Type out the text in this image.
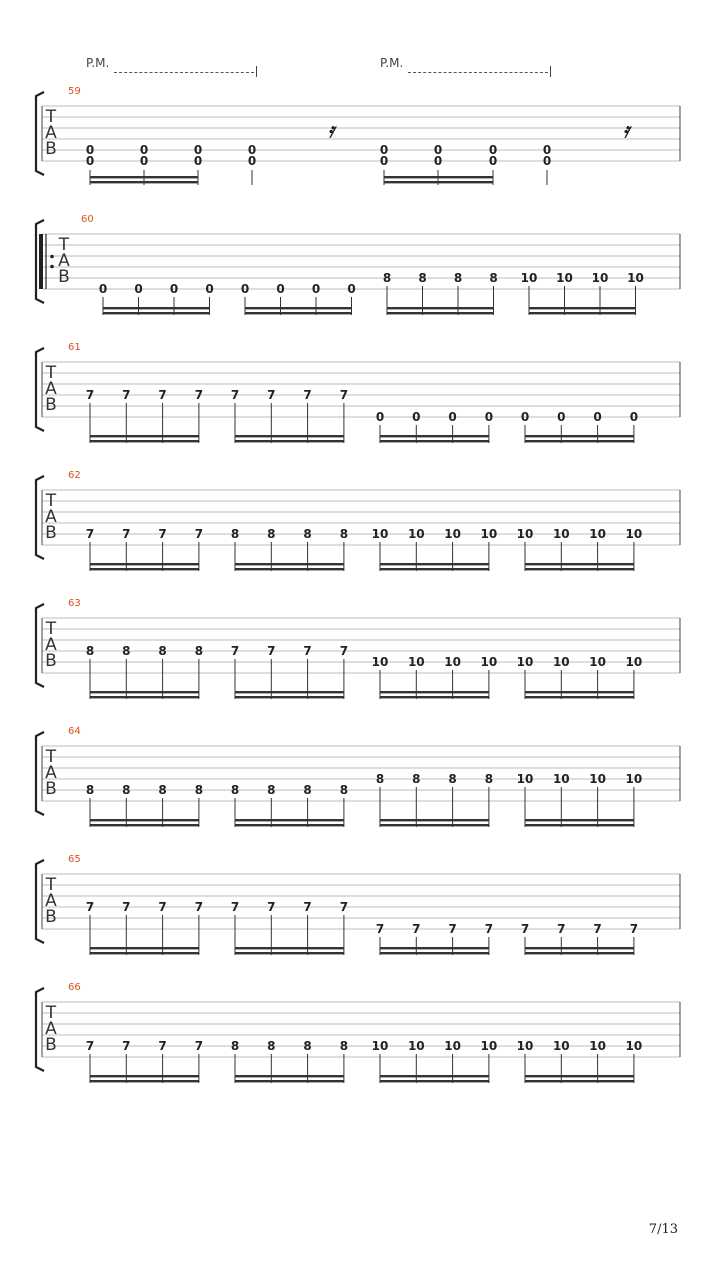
P.M.	P.M.
T
A
B
59
0
0
0
0
0
0
0
0
𝄿
0
0
0
0
0
0
0
0
𝄿
T
A
B
60
0 0 0 0 0 0 0 0
8 8 8 8 10 10 10 10
T
A
B
61
7 7 7 7 7 7 7 7
0 0 0 0 0 0 0 0
T
A
B
62
7 7 7 7 8 8 8 8 10 10 10 10 10 10 10 10
T
A
B
63
8 8 8 8 7 7 7 7
10 10 10 10 10 10 10 10
T
A
B
64
8 8 8 8 8 8 8 8
8 8 8 8 10 10 10 10
T
A
B
65
7 7 7 7 7 7 7 7
7 7 7 7 7 7 7 7
T
A
B
66
7 7 7 7 8 8 8 8 10 10 10 10 10 10 10 10
7/13
